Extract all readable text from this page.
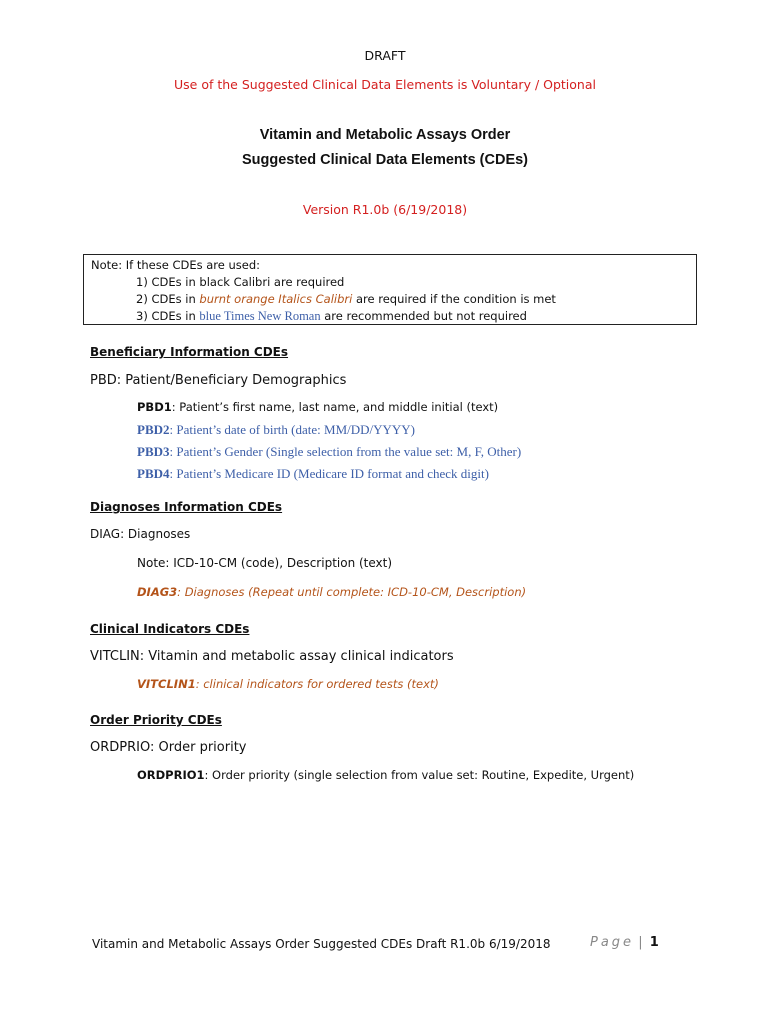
DRAFT
Use of the Suggested Clinical Data Elements is Voluntary / Optional
Vitamin and Metabolic Assays Order
Suggested Clinical Data Elements (CDEs)
Version R1.0b (6/19/2018)
Note: If these CDEs are used:
1) CDEs in black Calibri are required
2) CDEs in burnt orange Italics Calibri are required if the condition is met
3) CDEs in blue Times New Roman are recommended but not required
Beneficiary Information CDEs
PBD: Patient/Beneficiary Demographics
PBD1: Patient’s first name, last name, and middle initial (text)
PBD2: Patient’s date of birth (date: MM/DD/YYYY)
PBD3: Patient’s Gender (Single selection from the value set: M, F, Other)
PBD4: Patient’s Medicare ID (Medicare ID format and check digit)
Diagnoses Information CDEs
DIAG: Diagnoses
Note: ICD-10-CM (code), Description (text)
DIAG3: Diagnoses (Repeat until complete: ICD-10-CM, Description)
Clinical Indicators CDEs
VITCLIN: Vitamin and metabolic assay clinical indicators
VITCLIN1: clinical indicators for ordered tests (text)
Order Priority CDEs
ORDPRIO: Order priority
ORDPRIO1: Order priority (single selection from value set: Routine, Expedite, Urgent)
Vitamin and Metabolic Assays Order Suggested CDEs Draft R1.0b 6/19/2018	Page | 1
